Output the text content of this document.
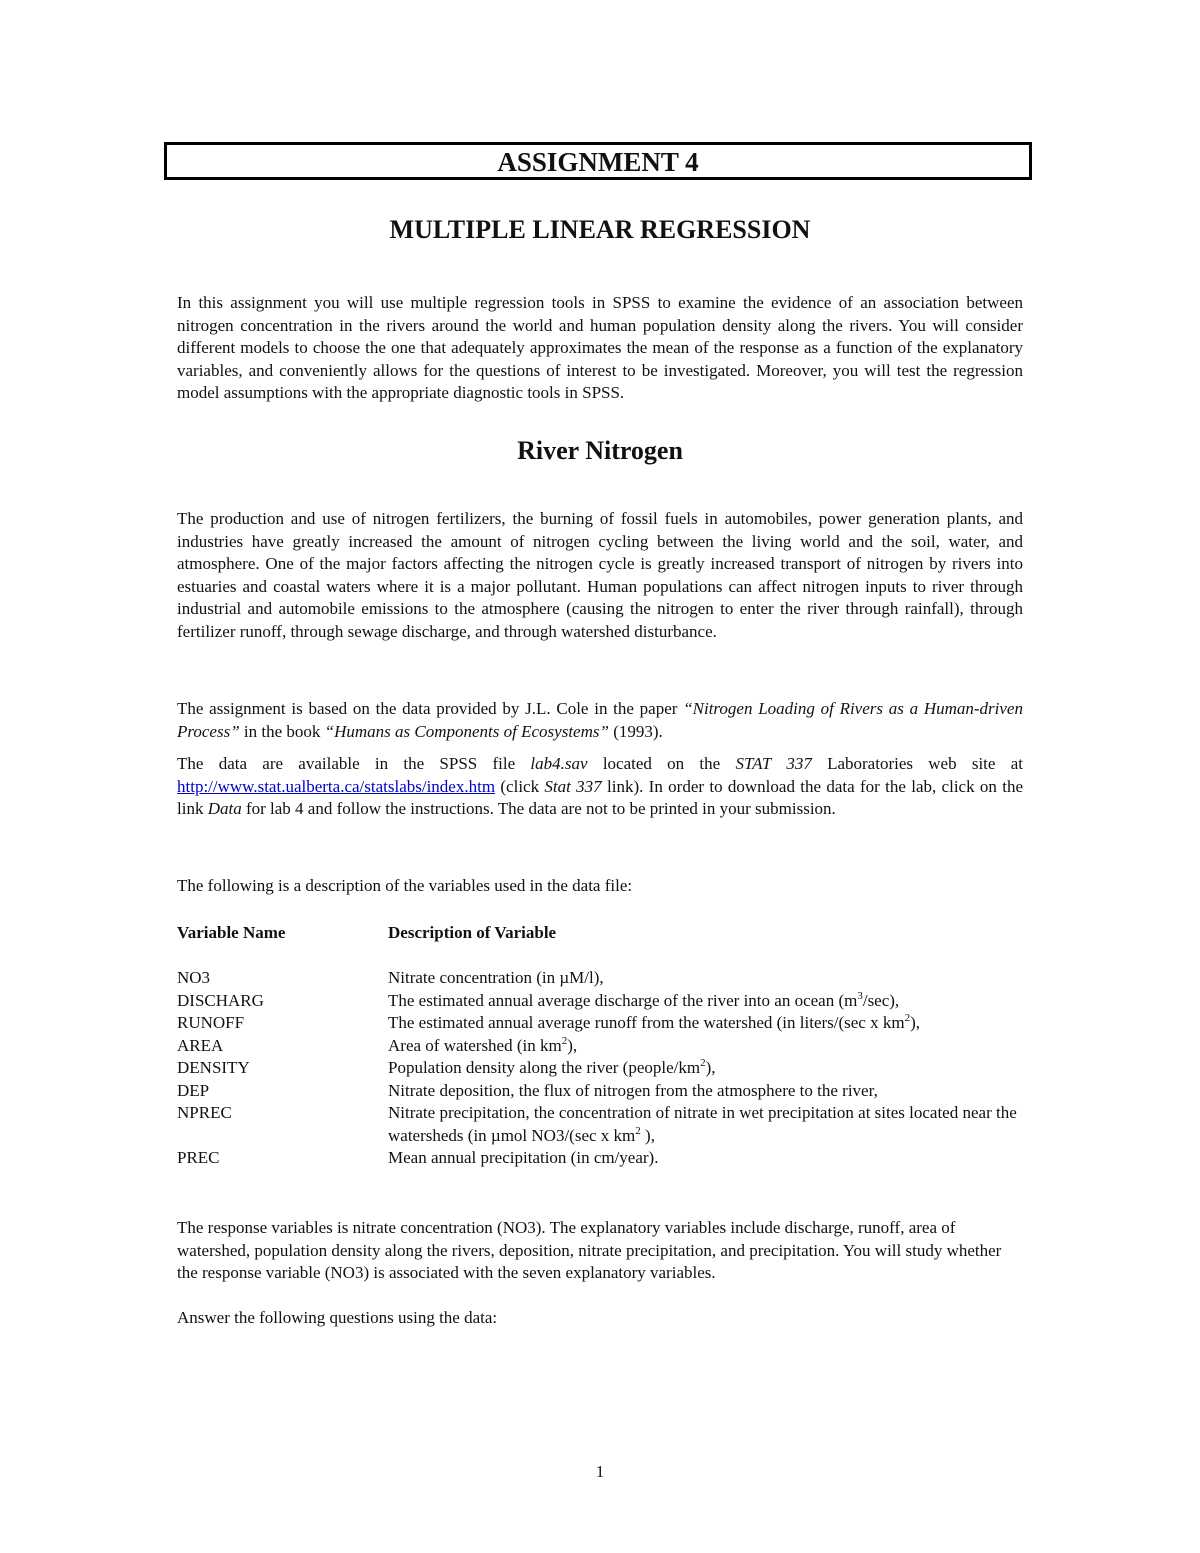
ASSIGNMENT 4
MULTIPLE LINEAR REGRESSION
In this assignment you will use multiple regression tools in SPSS to examine the evidence of an association between nitrogen concentration in the rivers around the world and human population density along the rivers. You will consider different models to choose the one that adequately approximates the mean of the response as a function of the explanatory variables, and conveniently allows for the questions of interest to be investigated. Moreover, you will test the regression model assumptions with the appropriate diagnostic tools in SPSS.
River Nitrogen
The production and use of nitrogen fertilizers, the burning of fossil fuels in automobiles, power generation plants, and industries have greatly increased the amount of nitrogen cycling between the living world and the soil, water, and atmosphere. One of the major factors affecting the nitrogen cycle is greatly increased transport of nitrogen by rivers into estuaries and coastal waters where it is a major pollutant. Human populations can affect nitrogen inputs to river through industrial and automobile emissions to the atmosphere (causing the nitrogen to enter the river through rainfall), through fertilizer runoff, through sewage discharge, and through watershed disturbance.
The assignment is based on the data provided by J.L. Cole in the paper “Nitrogen Loading of Rivers as a Human-driven Process” in the book “Humans as Components of Ecosystems” (1993).
The data are available in the SPSS file lab4.sav located on the STAT 337 Laboratories web site at http://www.stat.ualberta.ca/statslabs/index.htm (click Stat 337 link). In order to download the data for the lab, click on the link Data for lab 4 and follow the instructions. The data are not to be printed in your submission.
The following is a description of the variables used in the data file:
Variable Name	Description of Variable
NO3	Nitrate concentration (in µM/l),
DISCHARG	The estimated annual average discharge of the river into an ocean $(m^3/\sec)$,
RUNOFF	The estimated annual average runoff from the watershed (in liters/(sec x $km^2$),
AREA	Area of watershed (in $km^2$),
DENSITY	Population density along the river $(people/km^2)$,
DEP	Nitrate deposition, the flux of nitrogen from the atmosphere to the river,
NPREC	Nitrate precipitation, the concentration of nitrate in wet precipitation at sites located near the watersheds (in µmol NO3/(sec x $km^2$ ),
PREC	Mean annual precipitation (in cm/year).
The response variables is nitrate concentration (NO3). The explanatory variables include discharge, runoff, area of watershed, population density along the rivers, deposition, nitrate precipitation, and precipitation. You will study whether the response variable (NO3) is associated with the seven explanatory variables.
Answer the following questions using the data:
1
